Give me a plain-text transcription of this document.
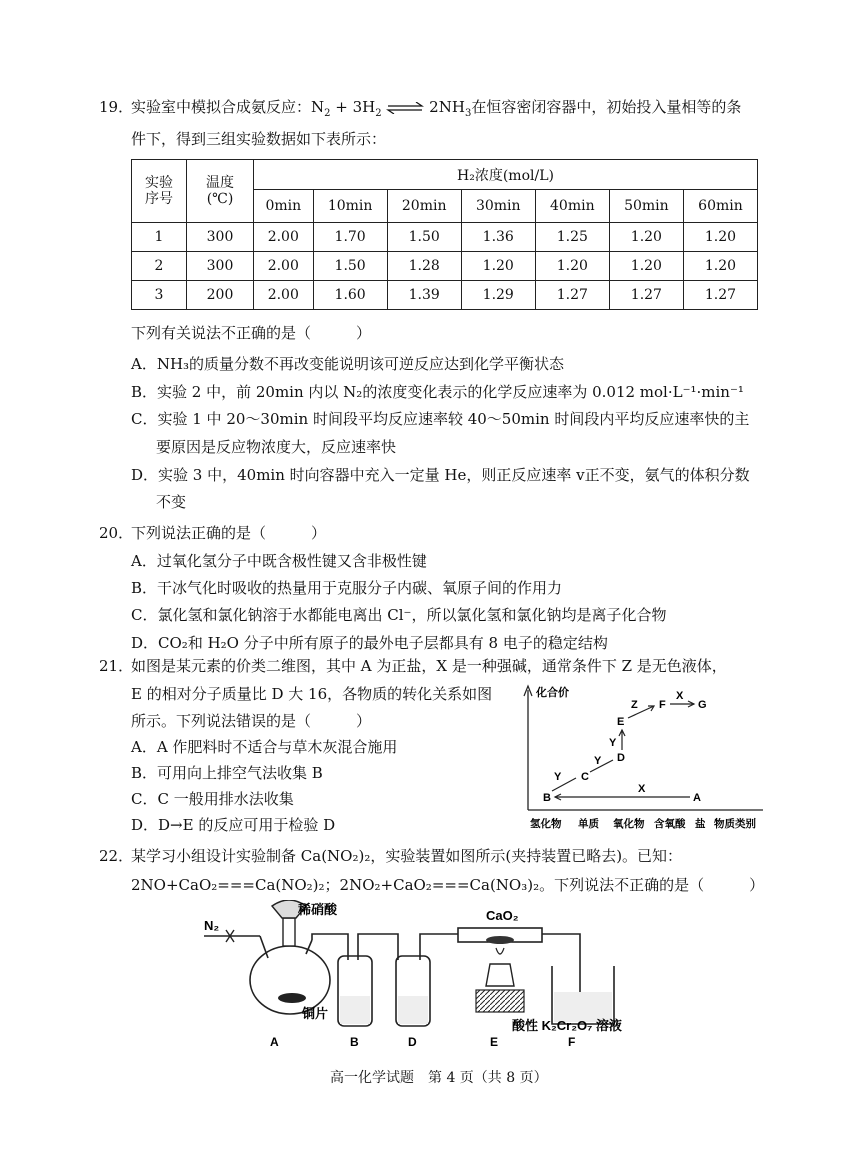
19．
实验室中模拟合成氨反应：$N_2 + 3H_2$ ⇌ $2NH_3$在恒容密闭容器中，初始投入量相等的条
件下，得到三组实验数据如下表所示：
实验序号	温度(℃)	H₂浓度(mol/L)						
		0min	10min	20min	30min	40min	50min	60min
1	300	2.00	1.70	1.50	1.36	1.25	1.20	1.20
2	300	2.00	1.50	1.28	1.20	1.20	1.20	1.20
3	200	2.00	1.60	1.39	1.29	1.27	1.27	1.27
下列有关说法不正确的是（　　　）
A．NH₃的质量分数不再改变能说明该可逆反应达到化学平衡状态
B．实验 2 中，前 20min 内以 N₂的浓度变化表示的化学反应速率为 0.012 mol·L⁻¹·min⁻¹
C．实验 1 中 20～30min 时间段平均反应速率较 40～50min 时间段内平均反应速率快的主
要原因是反应物浓度大，反应速率快
D．实验 3 中，40min 时向容器中充入一定量 He，则正反应速率 v正不变，氨气的体积分数
不变
20．
下列说法正确的是（　　　）
A．过氧化氢分子中既含极性键又含非极性键
B．干冰气化时吸收的热量用于克服分子内碳、氧原子间的作用力
C．氯化氢和氯化钠溶于水都能电离出 Cl⁻，所以氯化氢和氯化钠均是离子化合物
D．CO₂和 H₂O 分子中所有原子的最外电子层都具有 8 电子的稳定结构
21．
如图是某元素的价类二维图，其中 A 为正盐，X 是一种强碱，通常条件下 Z 是无色液体，
E 的相对分子质量比 D 大 16，各物质的转化关系如图
所示。下列说法错误的是（　　　）
A．A 作肥料时不适合与草木灰混合施用
B．可用向上排空气法收集 B
C．C 一般用排水法收集
D．D→E 的反应可用于检验 D
化合价
氢化物 单质 氧化物 含氧酸 盐 物质类别
A
B
C
D
E
F	G
X
Y
Y
Y
Z
X
22．
某学习小组设计实验制备 Ca(NO₂)₂，实验装置如图所示(夹持装置已略去)。已知：
2NO+CaO₂===Ca(NO₂)₂；2NO₂+CaO₂===Ca(NO₃)₂。下列说法不正确的是（　　　）
N₂
稀硝酸
铜片
A	B	D
CaO₂
E
酸性 K₂Cr₂O₇ 溶液
F
高一化学试题　第 4 页（共 8 页）
